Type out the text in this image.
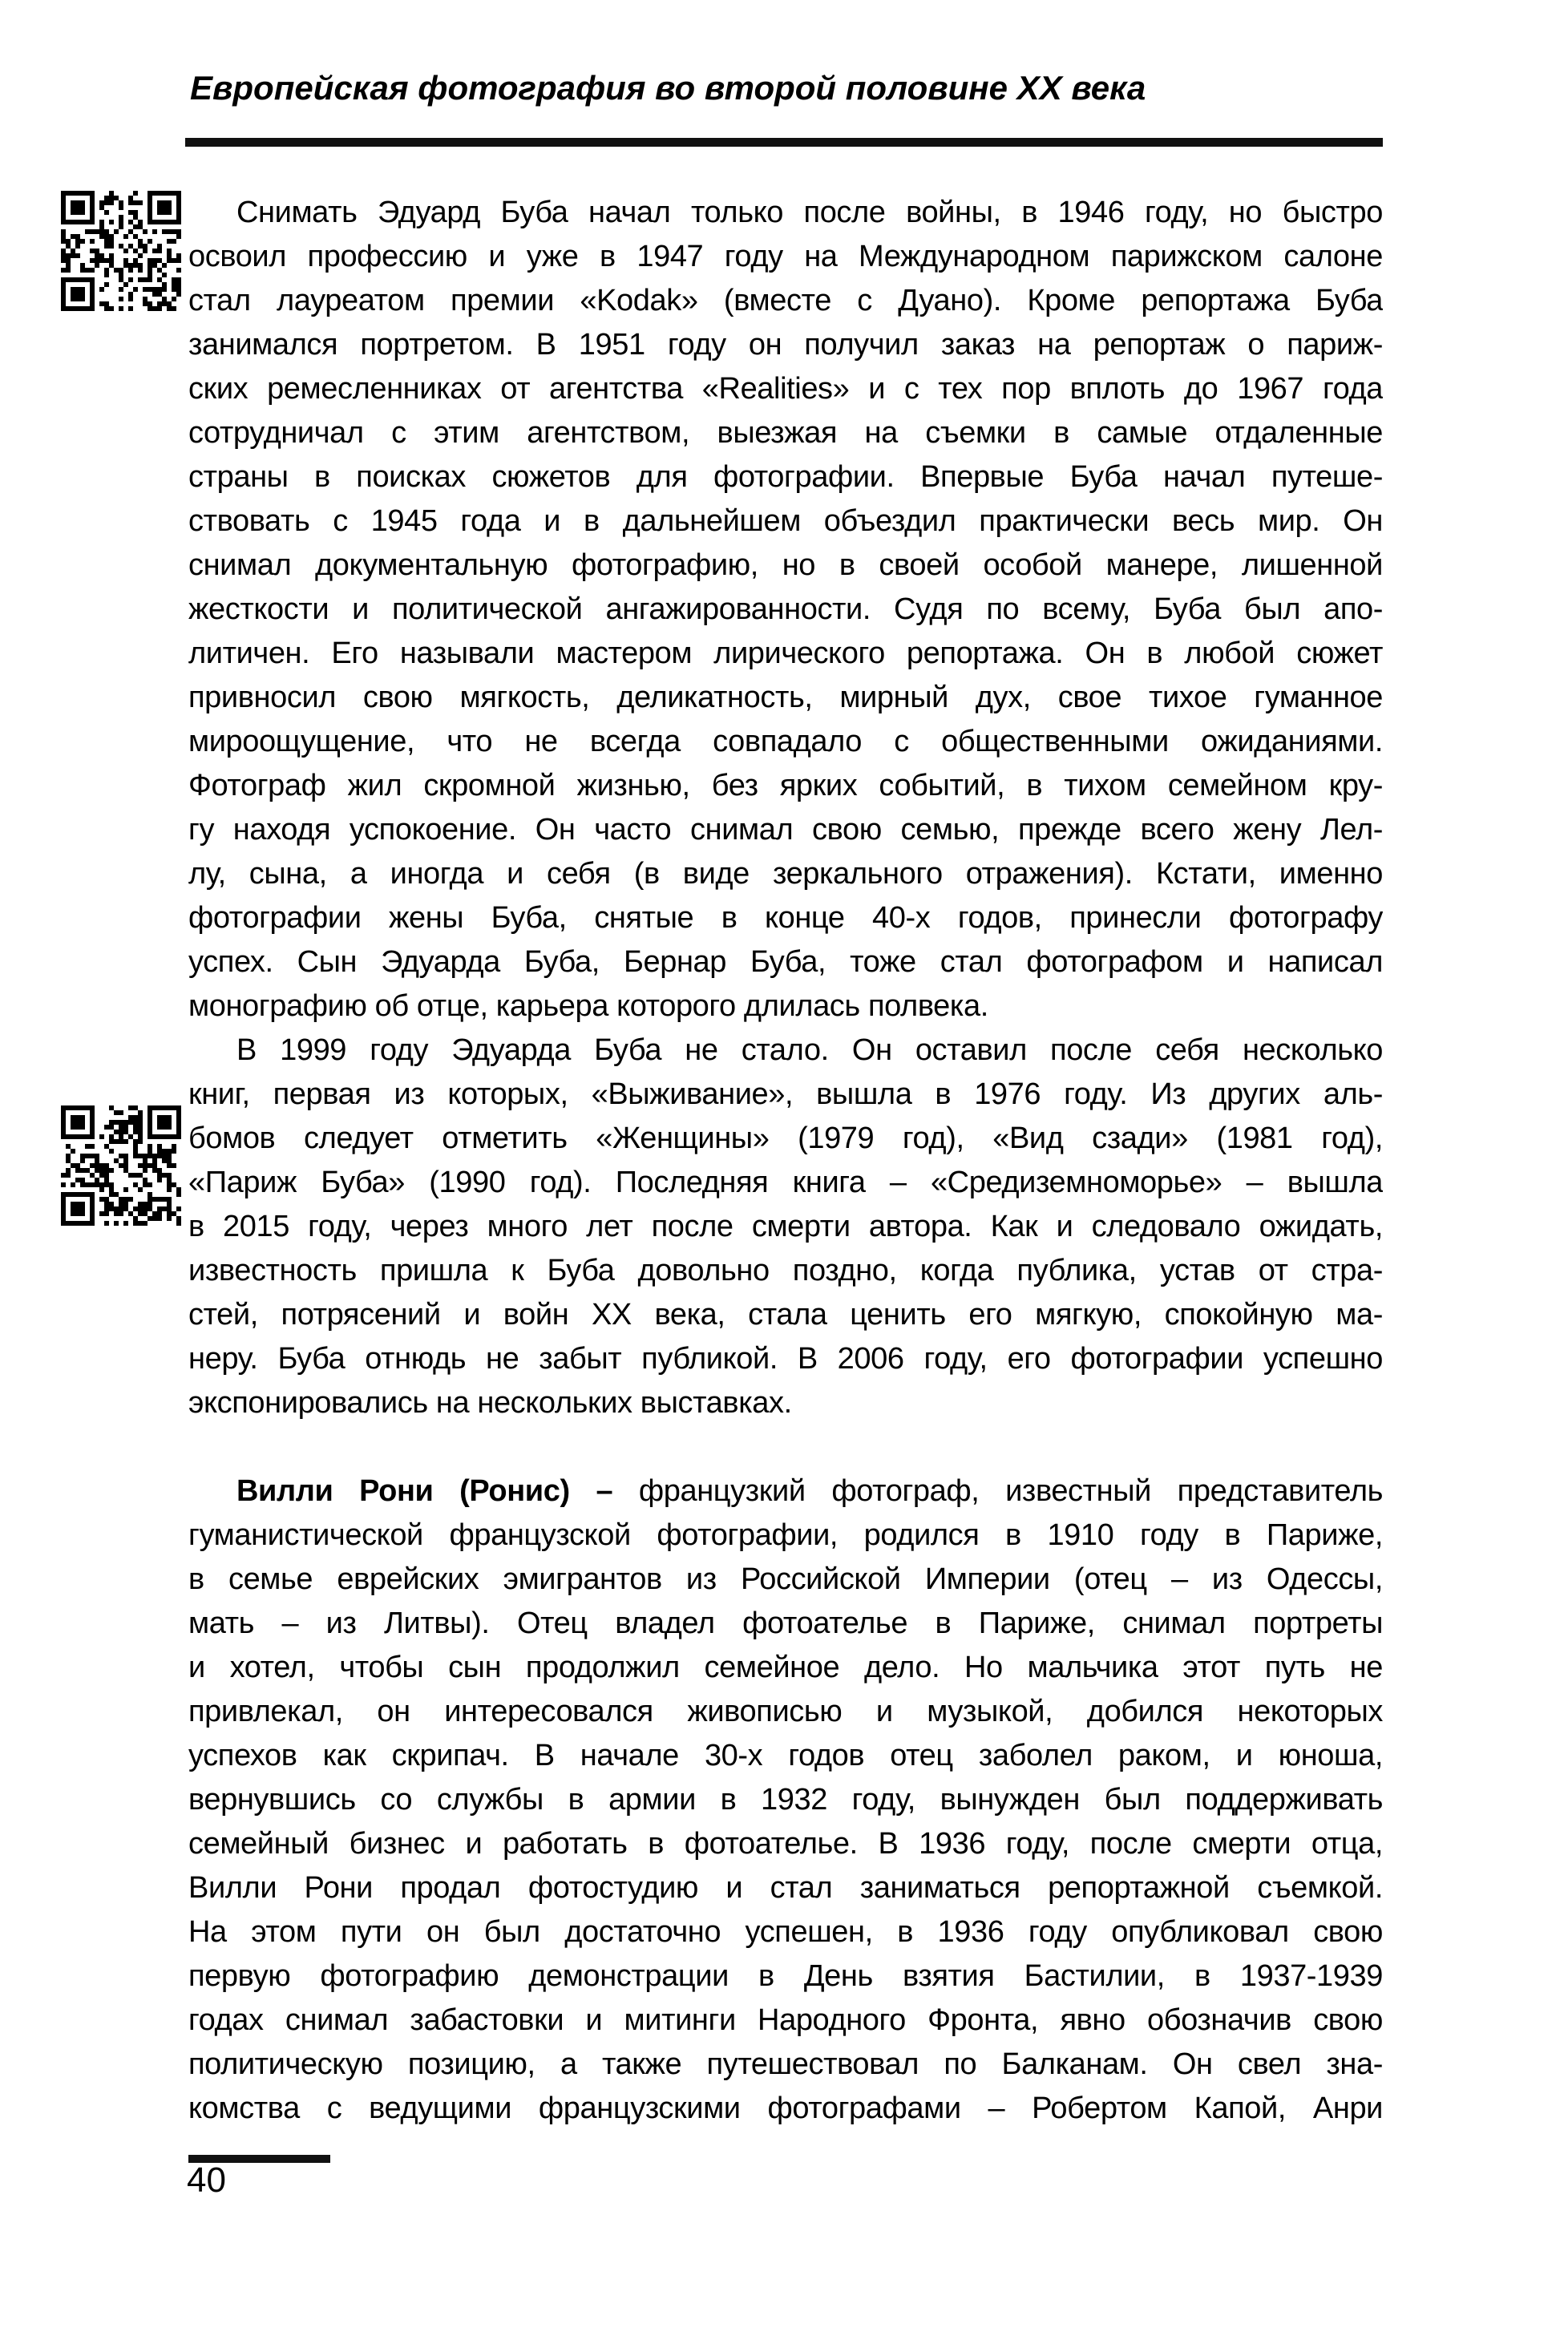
Европейская фотография во второй половине XX века
Снимать Эдуард Буба начал только после войны, в 1946 году, но быстро
освоил профессию и уже в 1947 году на Международном парижском салоне
стал лауреатом премии «Kodak» (вместе с Дуано). Кроме репортажа Буба
занимался портретом. В 1951 году он получил заказ на репортаж о париж-
ских ремесленниках от агентства «Realities» и с тех пор вплоть до 1967 года
сотрудничал с этим агентством, выезжая на съемки в самые отдаленные
страны в поисках сюжетов для фотографии. Впервые Буба начал путеше-
ствовать с 1945 года и в дальнейшем объездил практически весь мир. Он
снимал документальную фотографию, но в своей особой манере, лишенной
жесткости и политической ангажированности. Судя по всему, Буба был апо-
литичен. Его называли мастером лирического репортажа. Он в любой сюжет
привносил свою мягкость, деликатность, мирный дух, свое тихое гуманное
мироощущение, что не всегда совпадало с общественными ожиданиями.
Фотограф жил скромной жизнью, без ярких событий, в тихом семейном кру-
гу находя успокоение. Он часто снимал свою семью, прежде всего жену Лел-
лу, сына, а иногда и себя (в виде зеркального отражения). Кстати, именно
фотографии жены Буба, снятые в конце 40-х годов, принесли фотографу
успех. Сын Эдуарда Буба, Бернар Буба, тоже стал фотографом и написал
монографию об отце, карьера которого длилась полвека.
В 1999 году Эдуарда Буба не стало. Он оставил после себя несколько
книг, первая из которых, «Выживание», вышла в 1976 году. Из других аль-
бомов следует отметить «Женщины» (1979 год), «Вид сзади» (1981 год),
«Париж Буба» (1990 год). Последняя книга – «Средиземноморье» – вышла
в 2015 году, через много лет после смерти автора. Как и следовало ожидать,
известность пришла к Буба довольно поздно, когда публика, устав от стра-
стей, потрясений и войн XX века, стала ценить его мягкую, спокойную ма-
неру. Буба отнюдь не забыт публикой. В 2006 году, его фотографии успешно
экспонировались на нескольких выставках.
Вилли Рони (Ронис) – французкий фотограф, известный представитель
гуманистической французской фотографии, родился в 1910 году в Париже,
в семье еврейских эмигрантов из Российской Империи (отец – из Одессы,
мать – из Литвы). Отец владел фотоателье в Париже, снимал портреты
и хотел, чтобы сын продолжил семейное дело. Но мальчика этот путь не
привлекал, он интересовался живописью и музыкой, добился некоторых
успехов как скрипач. В начале 30-х годов отец заболел раком, и юноша,
вернувшись со службы в армии в 1932 году, вынужден был поддерживать
семейный бизнес и работать в фотоателье. В 1936 году, после смерти отца,
Вилли Рони продал фотостудию и стал заниматься репортажной съемкой.
На этом пути он был достаточно успешен, в 1936 году опубликовал свою
первую фотографию демонстрации в День взятия Бастилии, в 1937-1939
годах снимал забастовки и митинги Народного Фронта, явно обозначив свою
политическую позицию, а также путешествовал по Балканам. Он свел зна-
комства с ведущими французскими фотографами – Робертом Капой, Анри
40
